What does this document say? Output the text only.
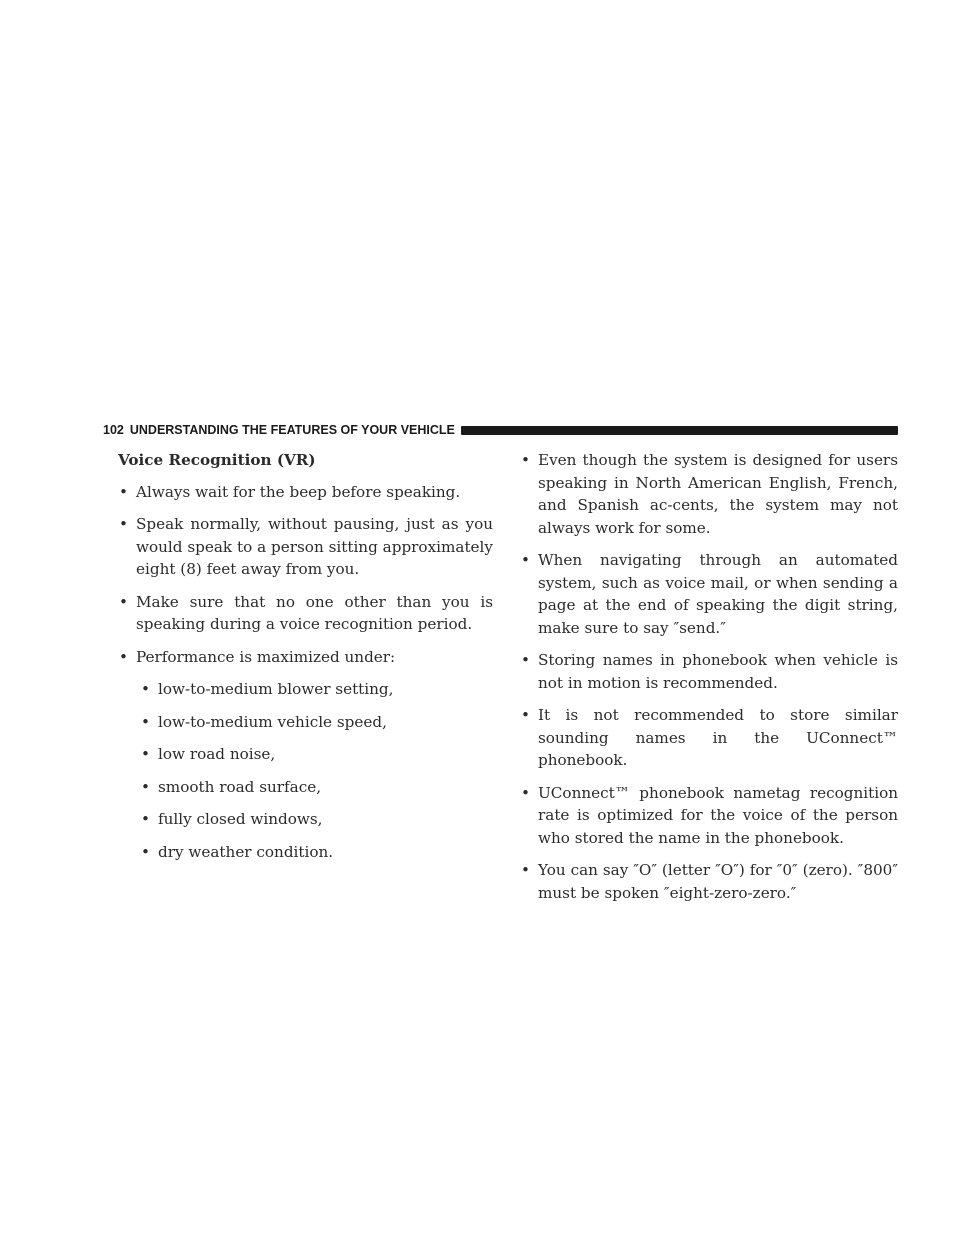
102 UNDERSTANDING THE FEATURES OF YOUR VEHICLE
Voice Recognition (VR)
• Always wait for the beep before speaking.
• Speak normally, without pausing, just as you would speak to a person sitting approximately eight (8) feet away from you.
• Make sure that no one other than you is speaking during a voice recognition period.
• Performance is maximized under:
• low-to-medium blower setting,
• low-to-medium vehicle speed,
• low road noise,
• smooth road surface,
• fully closed windows,
• dry weather condition.
• Even though the system is designed for users speaking in North American English, French, and Spanish ac-cents, the system may not always work for some.
• When navigating through an automated system, such as voice mail, or when sending a page at the end of speaking the digit string, make sure to say ″send.″
• Storing names in phonebook when vehicle is not in motion is recommended.
• It is not recommended to store similar sounding names in the UConnect™ phonebook.
• UConnect™ phonebook nametag recognition rate is optimized for the voice of the person who stored the name in the phonebook.
• You can say ″O″ (letter ″O″) for ″0″ (zero). ″800″ must be spoken ″eight-zero-zero.″
